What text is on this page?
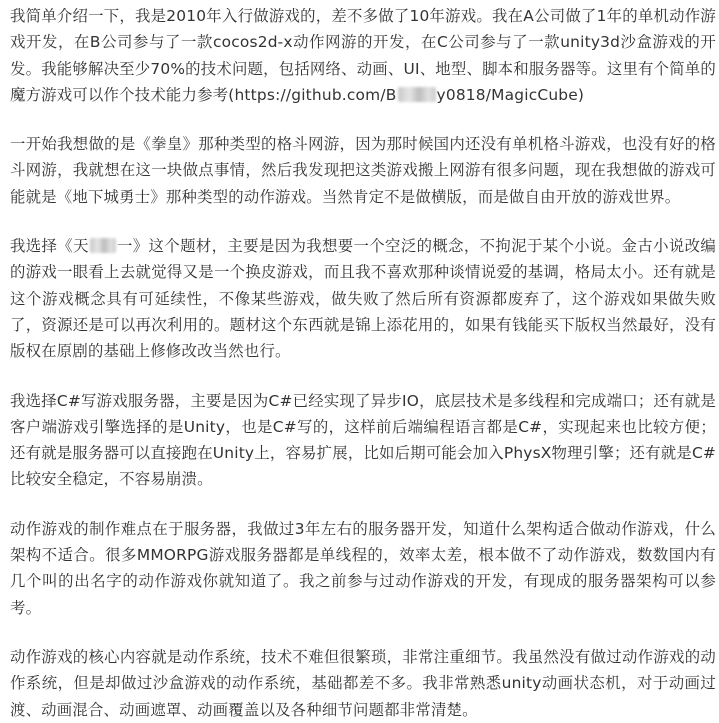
我简单介绍一下，我是2010年入行做游戏的，差不多做了10年游戏。我在A公司做了1年的单机动作游戏开发，在B公司参与了一款cocos2d-x动作网游的开发，在C公司参与了一款unity3d沙盒游戏的开发。我能够解决至少70%的技术问题，包括网络、动画、UI、地型、脚本和服务器等。这里有个简单的魔方游戏可以作个技术能力参考(https://github.com/B	y0818/MagicCube)

一开始我想做的是《拳皇》那种类型的格斗网游，因为那时候国内还没有单机格斗游戏，也没有好的格斗网游，我就想在这一块做点事情，然后我发现把这类游戏搬上网游有很多问题，现在我想做的游戏可能就是《地下城勇士》那种类型的动作游戏。当然肯定不是做横版，而是做自由开放的游戏世界。

我选择《天 一》这个题材，主要是因为我想要一个空泛的概念，不拘泥于某个小说。金古小说改编的游戏一眼看上去就觉得又是一个换皮游戏，而且我不喜欢那种谈情说爱的基调，格局太小。还有就是这个游戏概念具有可延续性，不像某些游戏，做失败了然后所有资源都废弃了，这个游戏如果做失败了，资源还是可以再次利用的。题材这个东西就是锦上添花用的，如果有钱能买下版权当然最好，没有版权在原剧的基础上修修改改当然也行。

我选择C#写游戏服务器，主要是因为C#已经实现了异步IO，底层技术是多线程和完成端口；还有就是客户端游戏引擎选择的是Unity，也是C#写的，这样前后端编程语言都是C#，实现起来也比较方便；还有就是服务器可以直接跑在Unity上，容易扩展，比如后期可能会加入PhysX物理引擎；还有就是C#比较安全稳定，不容易崩溃。

动作游戏的制作难点在于服务器，我做过3年左右的服务器开发，知道什么架构适合做动作游戏，什么架构不适合。很多MMORPG游戏服务器都是单线程的，效率太差，根本做不了动作游戏，数数国内有几个叫的出名字的动作游戏你就知道了。我之前参与过动作游戏的开发，有现成的服务器架构可以参考。

动作游戏的核心内容就是动作系统，技术不难但很繁琐，非常注重细节。我虽然没有做过动作游戏的动作系统，但是却做过沙盒游戏的动作系统，基础都差不多。我非常熟悉unity动画状态机，对于动画过渡、动画混合、动画遮罩、动画覆盖以及各种细节问题都非常清楚。
